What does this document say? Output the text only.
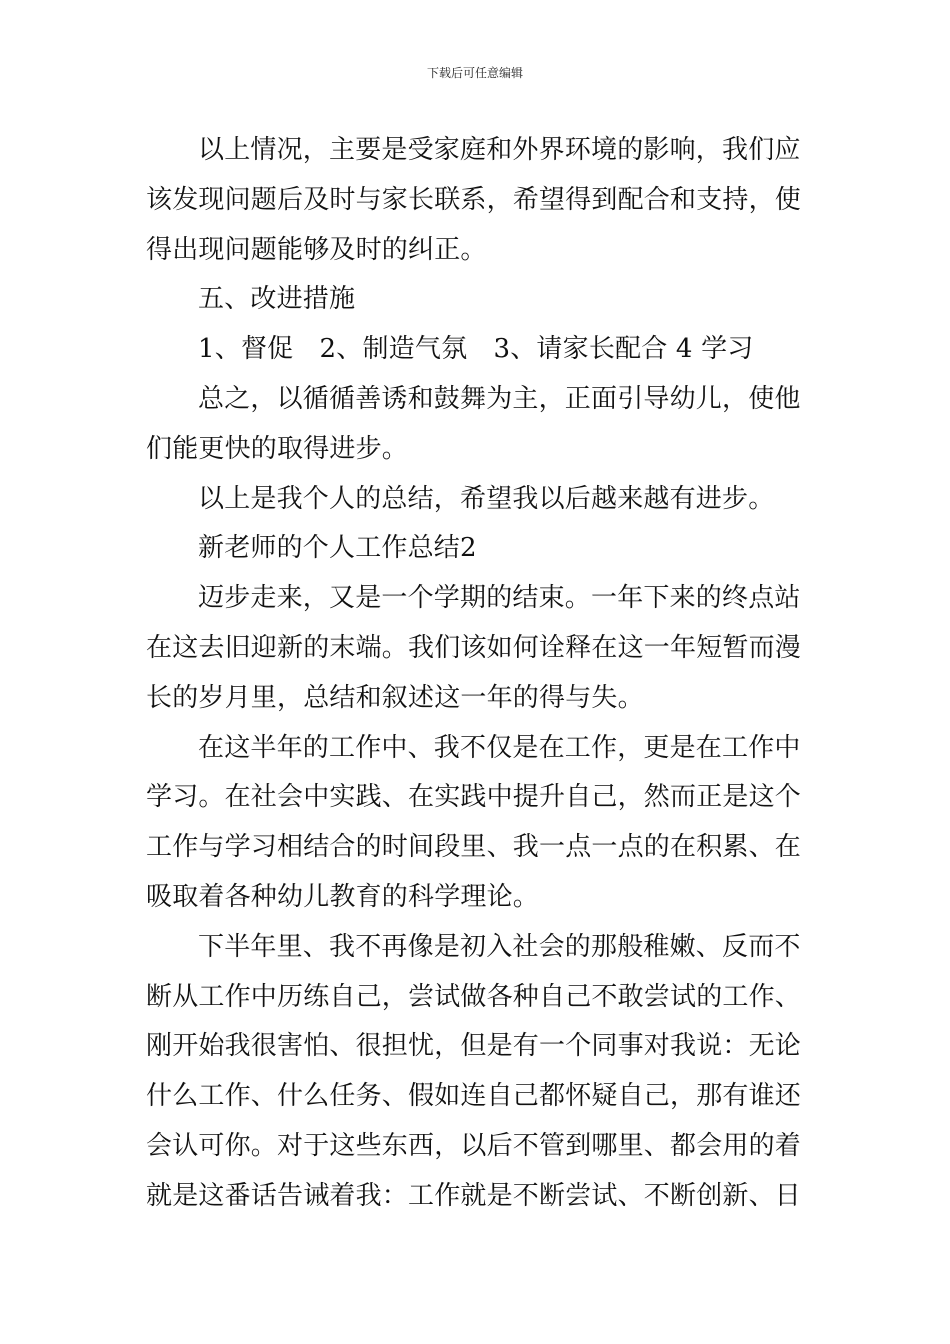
下载后可任意编辑
以上情况，主要是受家庭和外界环境的影响，我们应
该发现问题后及时与家长联系，希望得到配合和支持，使
得出现问题能够及时的纠正。
五、改进措施
1、督促　2、制造气氛　3、请家长配合 4 学习
总之，以循循善诱和鼓舞为主，正面引导幼儿，使他
们能更快的取得进步。
以上是我个人的总结，希望我以后越来越有进步。
新老师的个人工作总结2
迈步走来，又是一个学期的结束。一年下来的终点站
在这去旧迎新的末端。我们该如何诠释在这一年短暂而漫
长的岁月里，总结和叙述这一年的得与失。
在这半年的工作中、我不仅是在工作，更是在工作中
学习。在社会中实践、在实践中提升自己，然而正是这个
工作与学习相结合的时间段里、我一点一点的在积累、在
吸取着各种幼儿教育的科学理论。
下半年里、我不再像是初入社会的那般稚嫩、反而不
断从工作中历练自己，尝试做各种自己不敢尝试的工作、
刚开始我很害怕、很担忧，但是有一个同事对我说：无论
什么工作、什么任务、假如连自己都怀疑自己，那有谁还
会认可你。对于这些东西，以后不管到哪里、都会用的着
就是这番话告诫着我：工作就是不断尝试、不断创新、日
